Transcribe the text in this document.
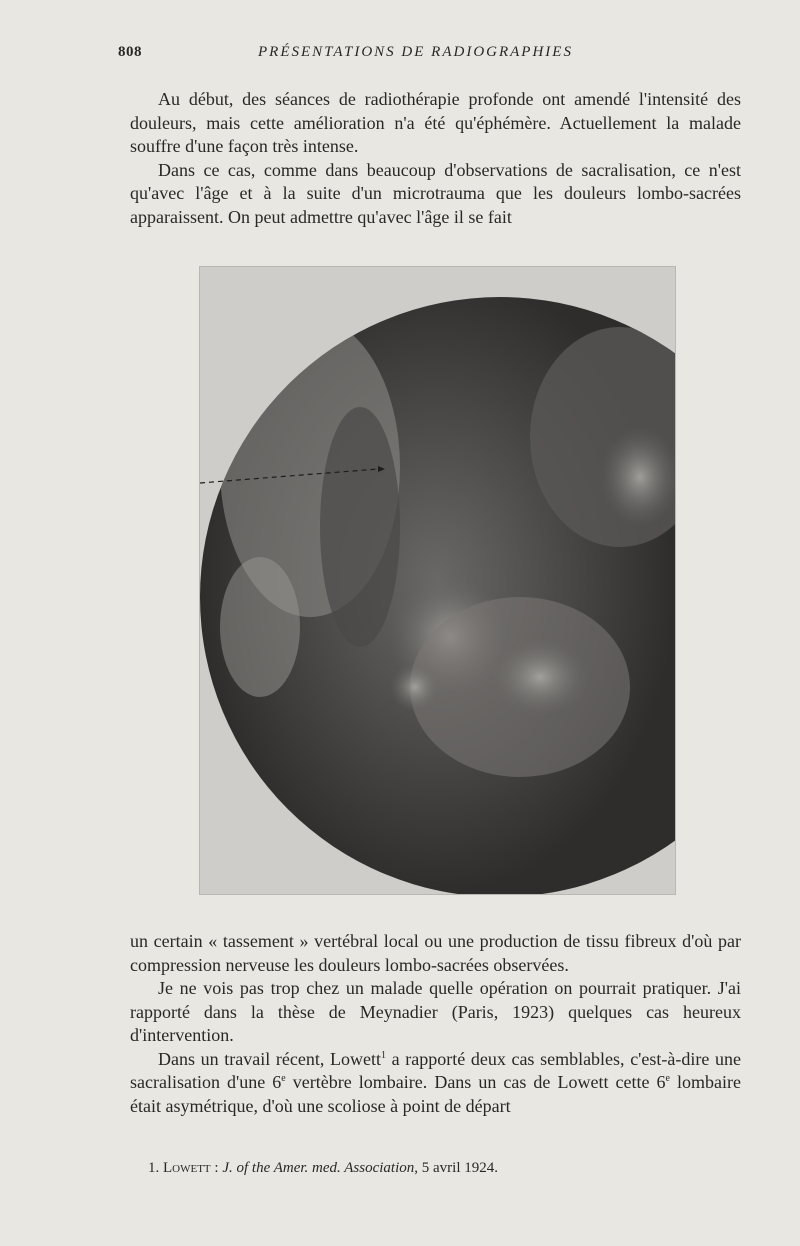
808	PRÉSENTATIONS DE RADIOGRAPHIES

Au début, des séances de radiothérapie profonde ont amendé l'intensité des douleurs, mais cette amélioration n'a été qu'éphémère. Actuellement la malade souffre d'une façon très intense.

Dans ce cas, comme dans beaucoup d'observations de sacralisation, ce n'est qu'avec l'âge et à la suite d'un microtrauma que les douleurs lombo-sacrées apparaissent. On peut admettre qu'avec l'âge il se fait

un certain « tassement » vertébral local ou une production de tissu fibreux d'où par compression nerveuse les douleurs lombo-sacrées observées.

Je ne vois pas trop chez un malade quelle opération on pourrait pratiquer. J'ai rapporté dans la thèse de Meynadier (Paris, 1923) quelques cas heureux d'intervention.

Dans un travail récent, Lowett$^1$ a rapporté deux cas semblables, c'est-à-dire une sacralisation d'une 6e vertèbre lombaire. Dans un cas de Lowett cette 6e lombaire était asymétrique, d'où une scoliose à point de départ

1. Lowett : J. of the Amer. med. Association, 5 avril 1924.
